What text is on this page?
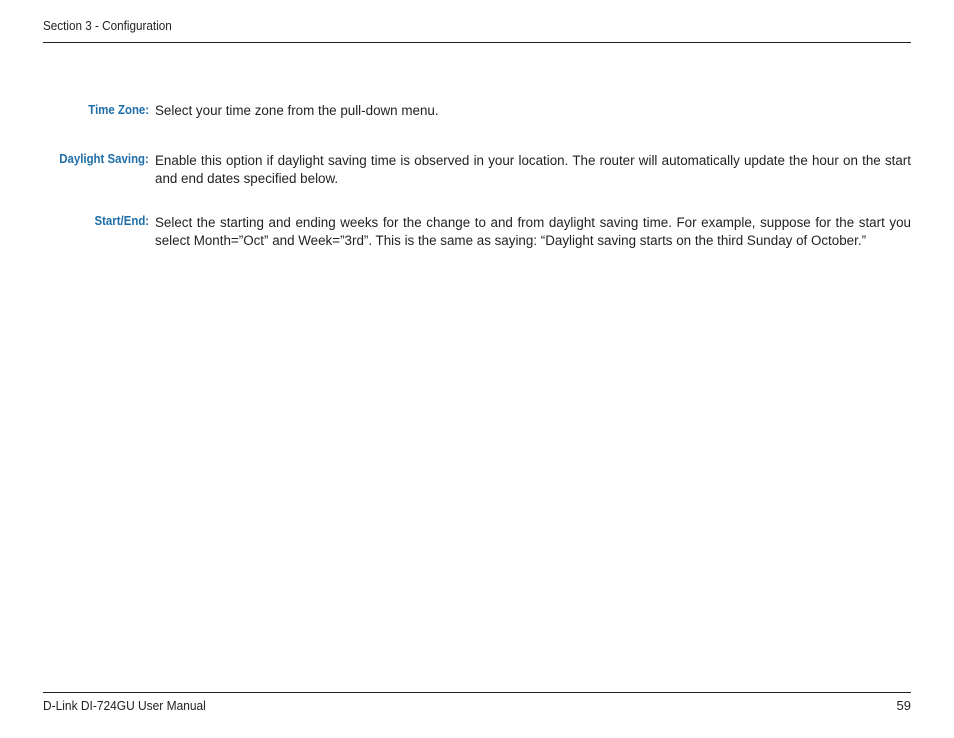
Section 3 - Configuration
Time Zone: Select your time zone from the pull-down menu.
Daylight Saving: Enable this option if daylight saving time is observed in your location. The router will automatically update the hour on the start and end dates specified below.
Start/End: Select the starting and ending weeks for the change to and from daylight saving time. For example, suppose for the start you select Month=”Oct” and Week=”3rd”. This is the same as saying: “Daylight saving starts on the third Sunday of October.”
D-Link DI-724GU User Manual	59
